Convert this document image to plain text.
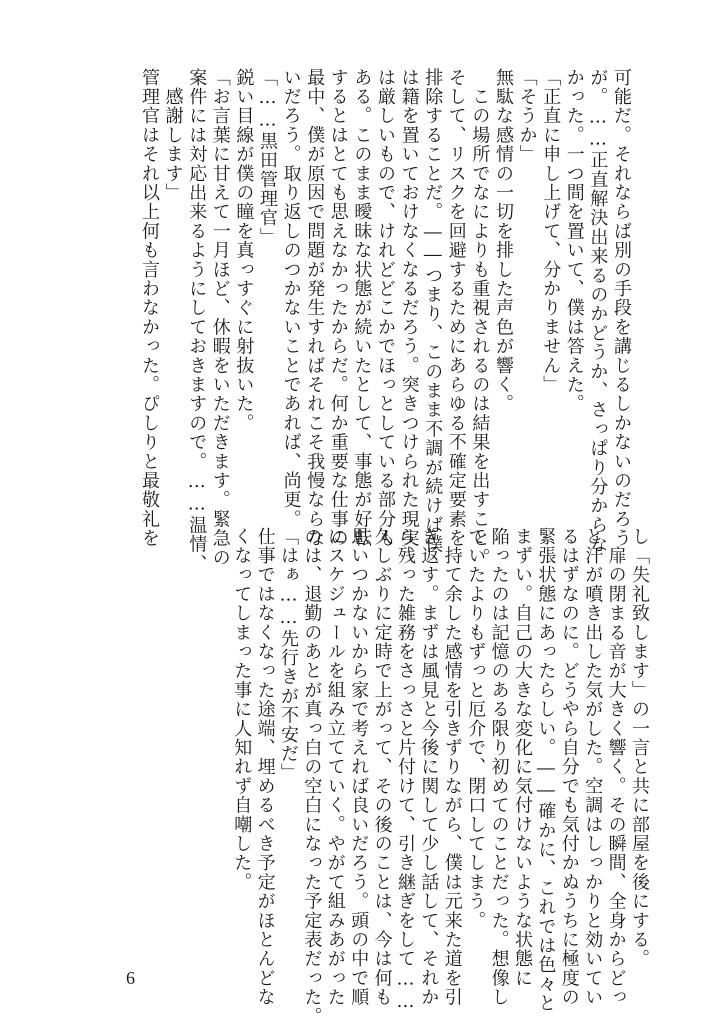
可能だ。それならば別の手段を講じるしかないのだろう
が。……正直解決出来るのかどうか、さっぱり分からな
かった。一つ間を置いて、僕は答えた。
「正直に申し上げて、分かりません」
「そうか」
無駄な感情の一切を排した声色が響く。
　この場所でなによりも重視されるのは結果を出すこと。
そして、リスクを回避するためにあらゆる不確定要素を
排除することだ。――つまり、このまま不調が続けば僕
は籍を置いておけなくなるだろう。突きつけられた現実
は厳しいもので、けれどどこかでほっとしている部分も
ある。このまま曖昧な状態が続いたとして、事態が好転
するとはとても思えなかったからだ。何か重要な仕事の
最中、僕が原因で問題が発生すればそれこそ我慢ならな
いだろう。取り返しのつかないことであれば、尚更。
「……黒田管理官」
鋭い目線が僕の瞳を真っすぐに射抜いた。
「お言葉に甘えて一月ほど、休暇をいただきます。緊急の
案件には対応出来るようにしておきますので。……温情、
　感謝します」
管理官はそれ以上何も言わなかった。ぴしりと最敬礼を
し「失礼致します」の一言と共に部屋を後にする。
　扉の閉まる音が大きく響く。その瞬間、全身からどっ
と汗が噴き出した気がした。空調はしっかりと効いてい
るはずなのに。どうやら自分でも気付かぬうちに極度の
緊張状態にあったらしい。――確かに、これでは色々と
まずい。自己の大きな変化に気付けないような状態に
陥ったのは記憶のある限り初めてのことだった。想像し
ていたよりもずっと厄介で、閉口してしまう。
　持て余した感情を引きずりながら、僕は元来た道を引
き返す。まずは風見と今後に関して少し話して、それか
ら残った雑務をさっさと片付けて、引き継ぎをして……
久しぶりに定時で上がって、その後のことは、今は何も
思いつかないから家で考えれば良いだろう。頭の中で順
にスケジュールを組み立てていく。やがて組みあがった
のは、退勤のあとが真っ白の空白になった予定表だった。
「はぁ……先行きが不安だ」
仕事ではなくなった途端、埋めるべき予定がほとんどな
くなってしまった事に人知れず自嘲した。
6
